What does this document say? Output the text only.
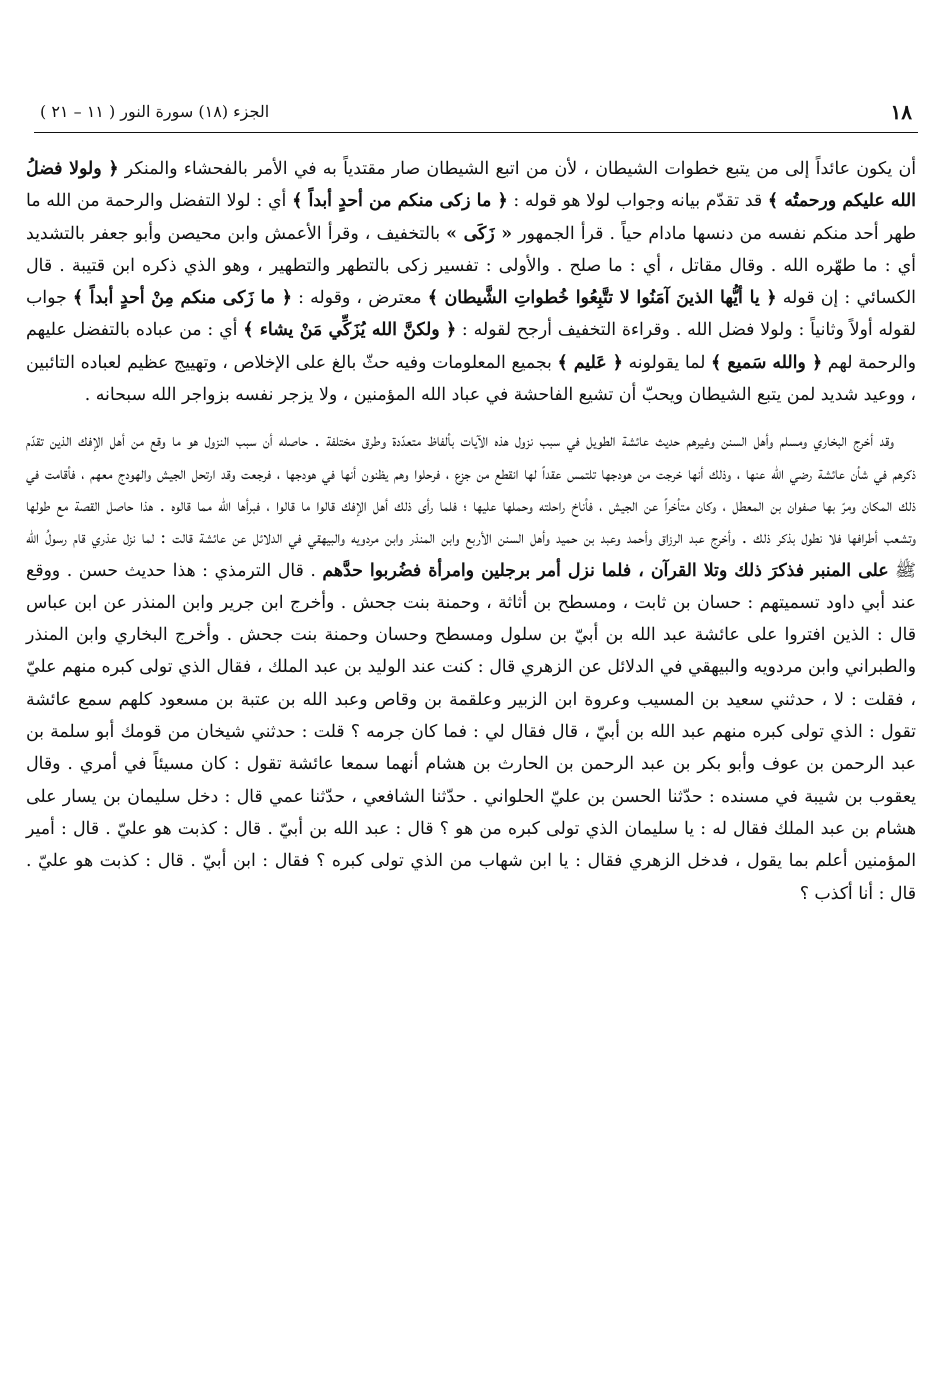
١٨
الجزء (١٨) سورة النور ( ١١ – ٢١ )

أن يكون عائداً إلى من يتبع خطوات الشيطان ، لأن من اتبع الشيطان صار مقتدياً به في الأمر بالفحشاء والمنكر ﴿ ولولا فضلُ الله عليكم ورحمتُه ﴾ قد تقدّم بيانه وجواب لولا هو قوله : ﴿ ما زكى منكم من أحدٍ أبداً ﴾ أي : لولا التفضل والرحمة من الله ما طهر أحد منكم نفسه من دنسها مادام حياً . قرأ الجمهور « زَكَى » بالتخفيف ، وقرأ الأعمش وابن محيصن وأبو جعفر بالتشديد أي : ما طهّره الله . وقال مقاتل ، أي : ما صلح . والأولى : تفسير زكى بالتطهر والتطهير ، وهو الذي ذكره ابن قتيبة . قال الكسائي : إن قوله ﴿ يا أيُّها الذينَ آمَنُوا لا تتَّبِعُوا خُطواتِ الشَّيطان ﴾ معترض ، وقوله : ﴿ ما زَكى منكم مِنْ أحدٍ أبداً ﴾ جواب لقوله أولاً وثانياً : ولولا فضل الله . وقراءة التخفيف أرجح لقوله : ﴿ ولكنَّ الله يُزَكِّي مَنْ يشاء ﴾ أي : من عباده بالتفضل عليهم والرحمة لهم ﴿ والله سَميع ﴾ لما يقولونه ﴿ عَليم ﴾ بجميع المعلومات وفيه حثّ بالغ على الإخلاص ، وتهييج عظيم لعباده التائبين ، ووعيد شديد لمن يتبع الشيطان ويحبّ أن تشيع الفاحشة في عباد الله المؤمنين ، ولا يزجر نفسه بزواجر الله سبحانه .

وقد أخرج البخاري ومسلم وأهل السنن وغيرهم حديث عائشة الطويل في سبب نزول هذه الآيات بألفاظ متعدّدة وطرق مختلفة . حاصله أن سبب النزول هو ما وقع من أهل الإفك الذين تقدّم ذكرهم في شأن عائشة رضي الله عنها ، وذلك أنها خرجت من هودجها تلتمس عقداً لها انقطع من جزع ، فرحلوا وهم يظنون أنها في هودجها ، فرجعت وقد ارتحل الجيش والهودج معهم ، فأقامت في ذلك المكان ومرّ بها صفوان بن المعطل ، وكان متأخراً عن الجيش ، فأناخ راحلته وحملها عليها ؛ فلما رأى ذلك أهل الإفك قالوا ما قالوا ، فبرأها الله مما قالوه . هذا حاصل القصة مع طولها وتشعب أطرافها فلا نطول بذكر ذلك . وأخرج عبد الرزاق وأحمد وعبد بن حميد وأهل السنن الأربع وابن المنذر وابن مردويه والبيهقي في الدلائل عن عائشة قالت : لما نزل عذري قام رسولُ الله ﷺ على المنبر فذكرَ ذلك وتلا القرآن ، فلما نزل أمر برجلين وامرأة فضُربوا حدَّهم . قال الترمذي : هذا حديث حسن . ووقع عند أبي داود تسميتهم : حسان بن ثابت ، ومسطح بن أثاثة ، وحمنة بنت جحش . وأخرج ابن جرير وابن المنذر عن ابن عباس قال : الذين افتروا على عائشة عبد الله بن أبيّ بن سلول ومسطح وحسان وحمنة بنت جحش . وأخرج البخاري وابن المنذر والطبراني وابن مردويه والبيهقي في الدلائل عن الزهري قال : كنت عند الوليد بن عبد الملك ، فقال الذي تولى كبره منهم عليّ ، فقلت : لا ، حدثني سعيد بن المسيب وعروة ابن الزبير وعلقمة بن وقاص وعبد الله بن عتبة بن مسعود كلهم سمع عائشة تقول : الذي تولى كبره منهم عبد الله بن أبيّ ، قال فقال لي : فما كان جرمه ؟ قلت : حدثني شيخان من قومك أبو سلمة بن عبد الرحمن بن عوف وأبو بكر بن عبد الرحمن بن الحارث بن هشام أنهما سمعا عائشة تقول : كان مسيئاً في أمري . وقال يعقوب بن شيبة في مسنده : حدّثنا الحسن بن عليّ الحلواني . حدّثنا الشافعي ، حدّثنا عمي قال : دخل سليمان بن يسار على هشام بن عبد الملك فقال له : يا سليمان الذي تولى كبره من هو ؟ قال : عبد الله بن أبيّ . قال : كذبت هو عليّ . قال : أمير المؤمنين أعلم بما يقول ، فدخل الزهري فقال : يا ابن شهاب من الذي تولى كبره ؟ فقال : ابن أبيّ . قال : كذبت هو عليّ . قال : أنا أكذب ؟
